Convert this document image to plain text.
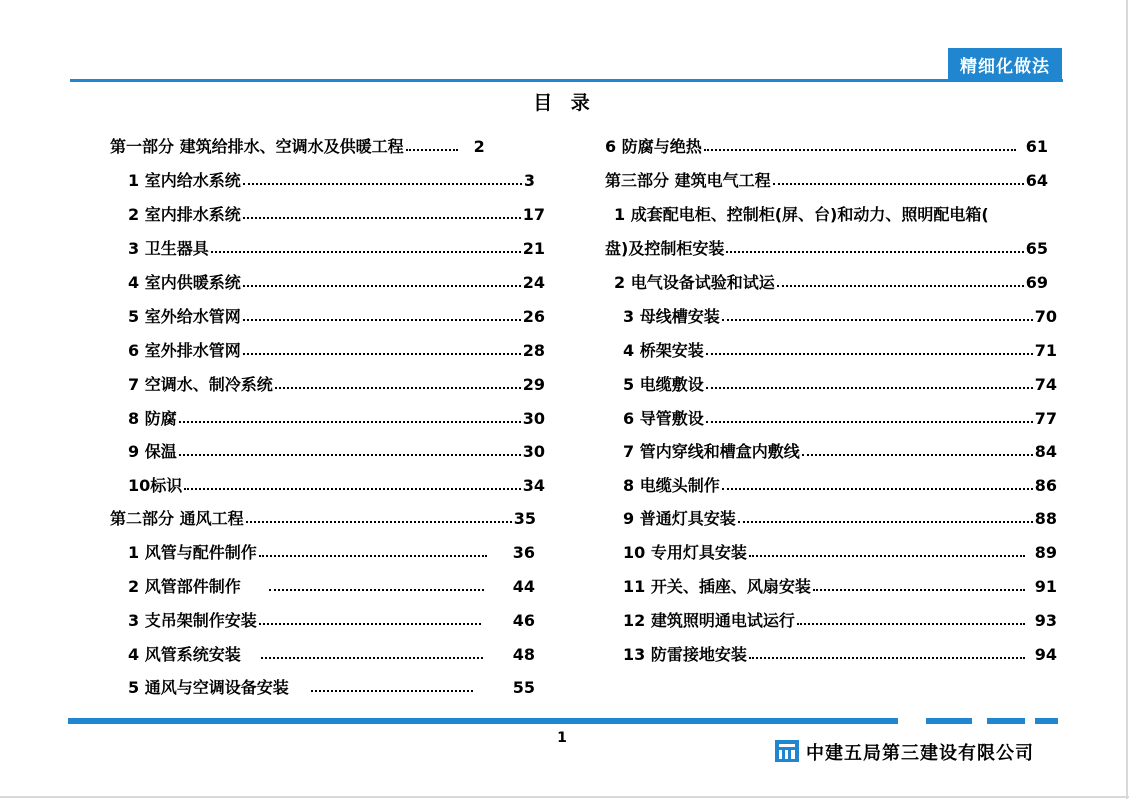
精细化做法
目 录
第一部分 建筑给排水、空调水及供暖工程	2
1 室内给水系统	3
2 室内排水系统	17
3 卫生器具	21
4 室内供暖系统	24
5 室外给水管网	26
6 室外排水管网	28
7 空调水、制冷系统	29
8 防腐	30
9 保温	30
10标识	34
第二部分 通风工程	35
1 风管与配件制作	36
2 风管部件制作	44
3 支吊架制作安装	46
4 风管系统安装	48
5 通风与空调设备安装	55
6 防腐与绝热	61
第三部分 建筑电气工程	64
1 成套配电柜、控制柜(屏、台)和动力、照明配电箱(
盘)及控制柜安装	65
2 电气设备试验和试运	69
3 母线槽安装	70
4 桥架安装	71
5 电缆敷设	74
6 导管敷设	77
7 管内穿线和槽盒内敷线	84
8 电缆头制作	86
9 普通灯具安装	88
10 专用灯具安装	89
11 开关、插座、风扇安装	91
12 建筑照明通电试运行	93
13 防雷接地安装	94
1
中建五局第三建设有限公司
